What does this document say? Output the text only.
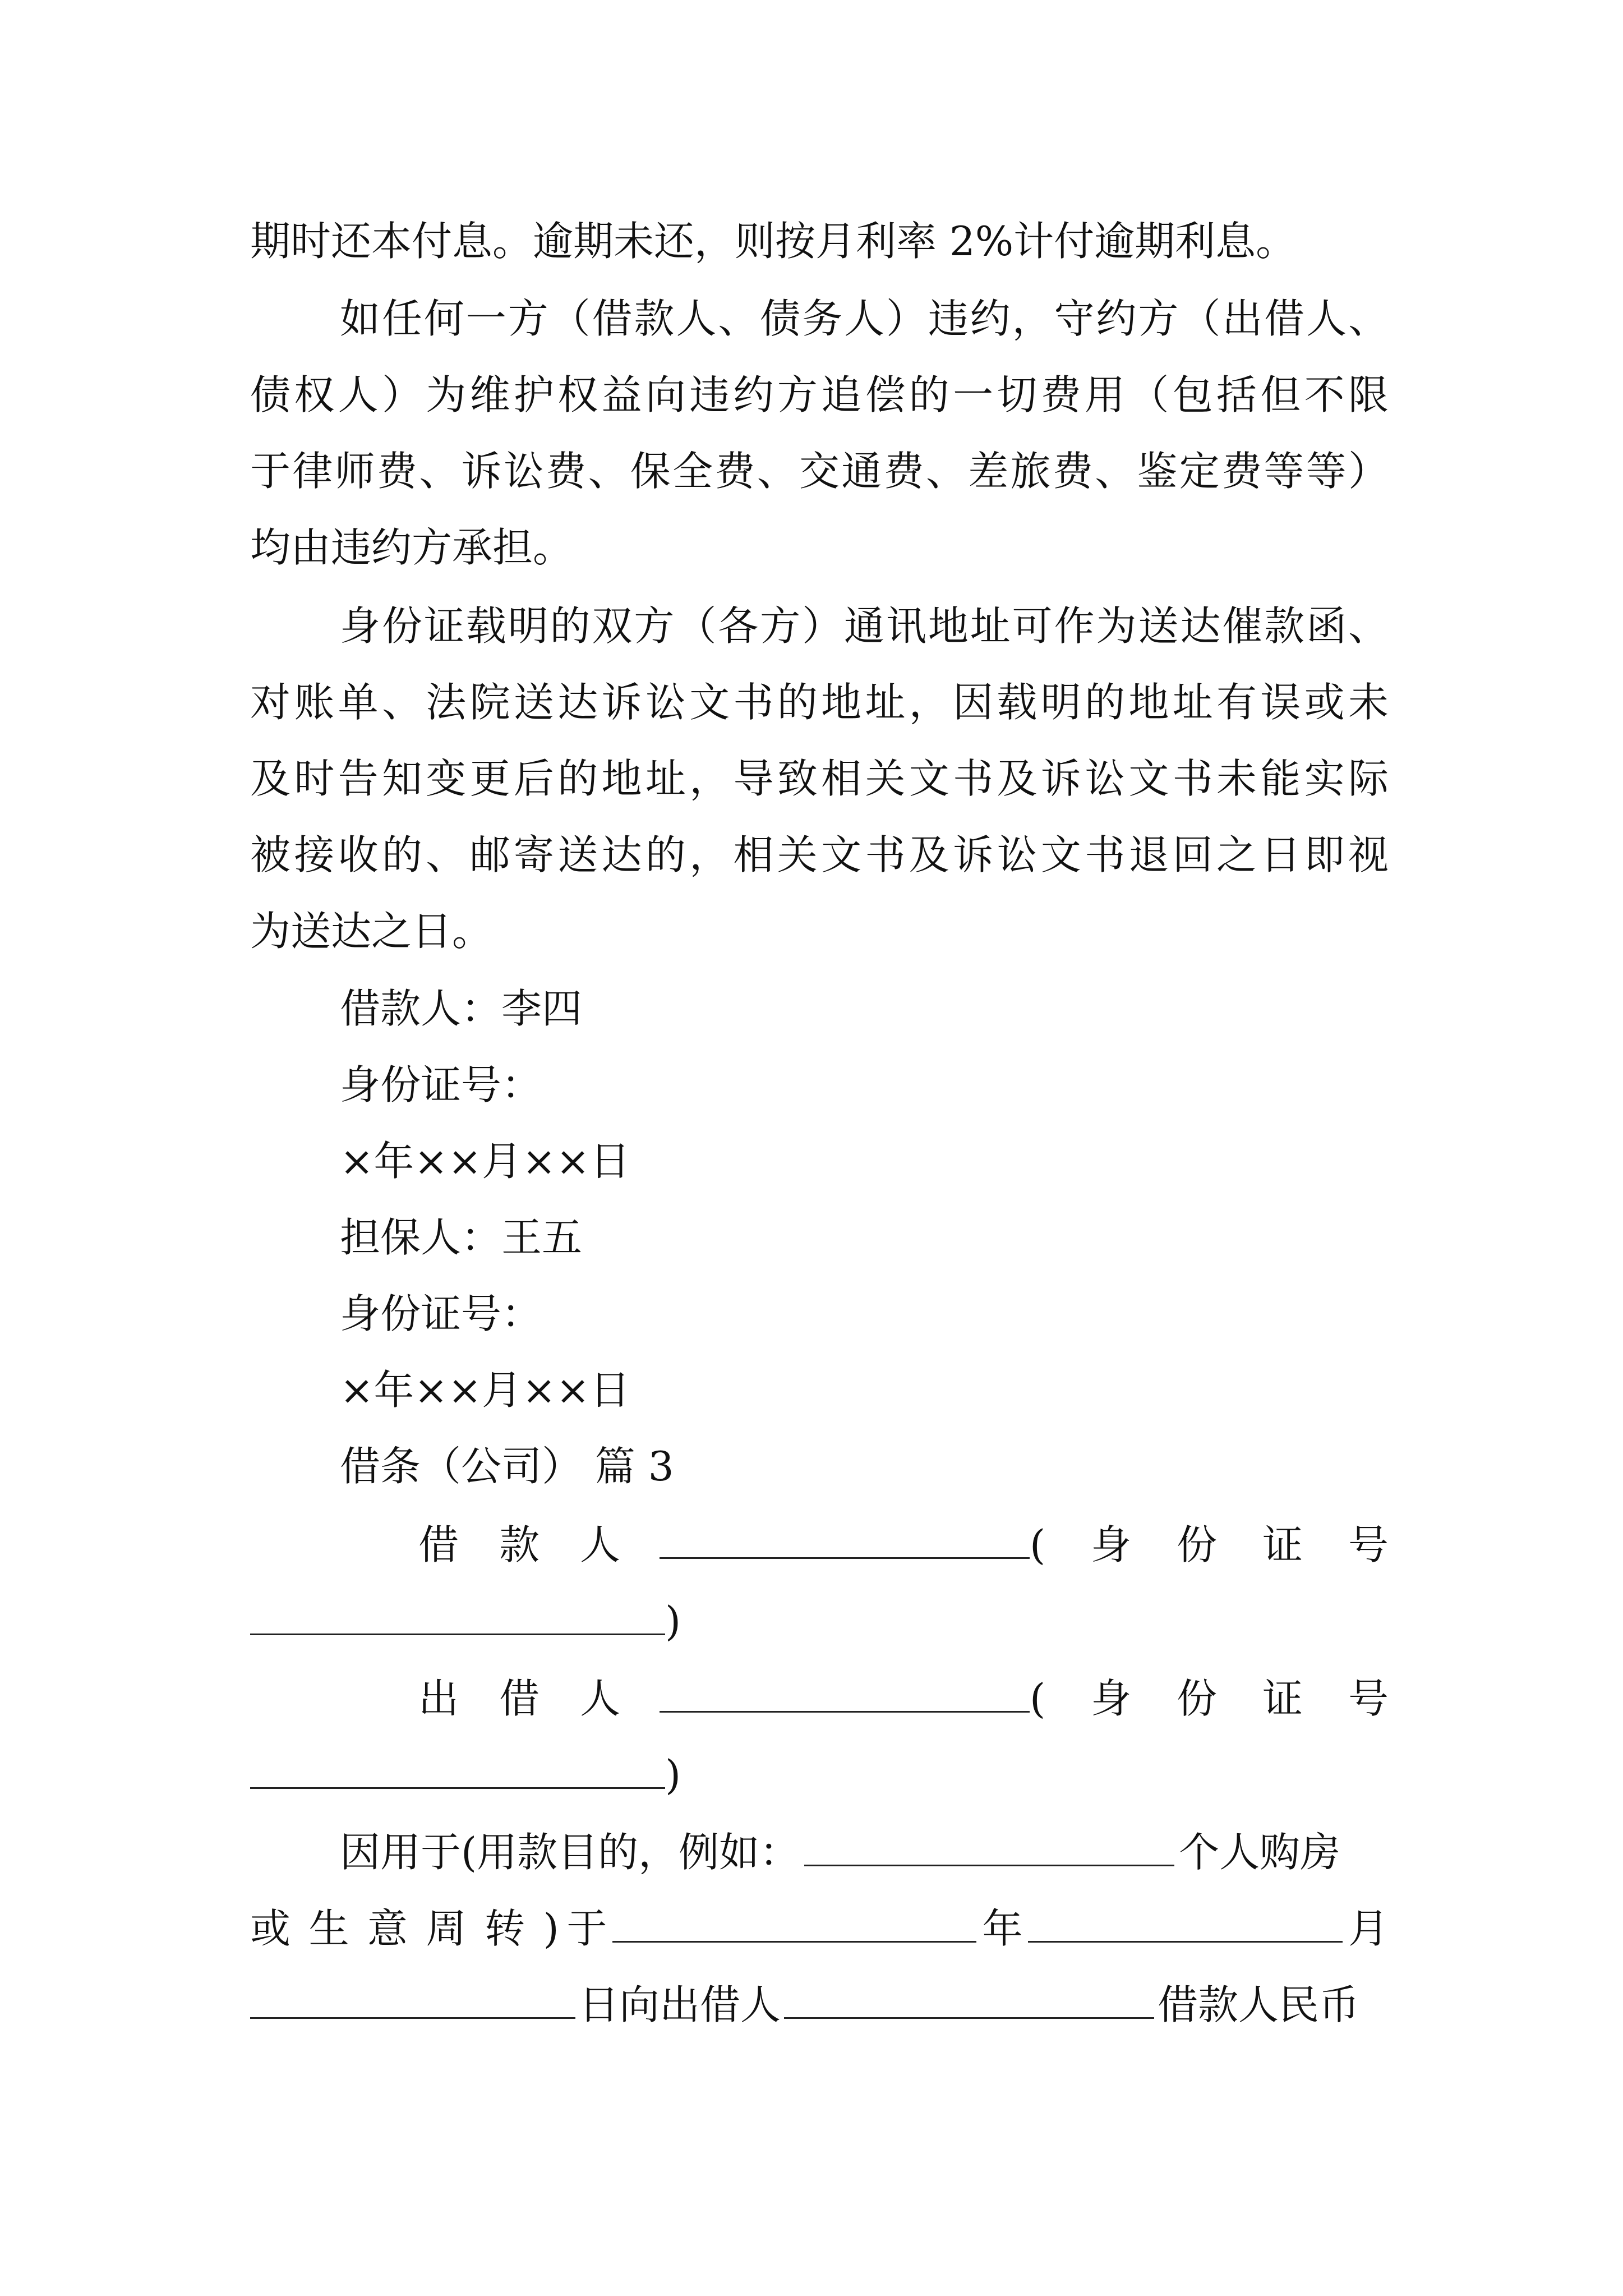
期时还本付息。逾期未还，则按月利率 2%计付逾期利息。
如任何一方（借款人、债务人）违约，守约方（出借人、
债权人）为维护权益向违约方追偿的一切费用（包括但不限
于律师费、诉讼费、保全费、交通费、差旅费、鉴定费等等）
均由违约方承担。
身份证载明的双方（各方）通讯地址可作为送达催款函、
对账单、法院送达诉讼文书的地址，因载明的地址有误或未
及时告知变更后的地址，导致相关文书及诉讼文书未能实际
被接收的、邮寄送达的，相关文书及诉讼文书退回之日即视
为送达之日。
借款人：李四
身份证号：
×年××月××日
担保人：王五
身份证号：
×年××月××日
借条（公司） 篇 3
借 款 人	( 身 份 证 号
)
出 借 人	( 身 份 证 号
)
因用于(用款目的，例如：	个人购房
或 生 意 周 转 ) 于	年	月
日向出借人	借款人民币
